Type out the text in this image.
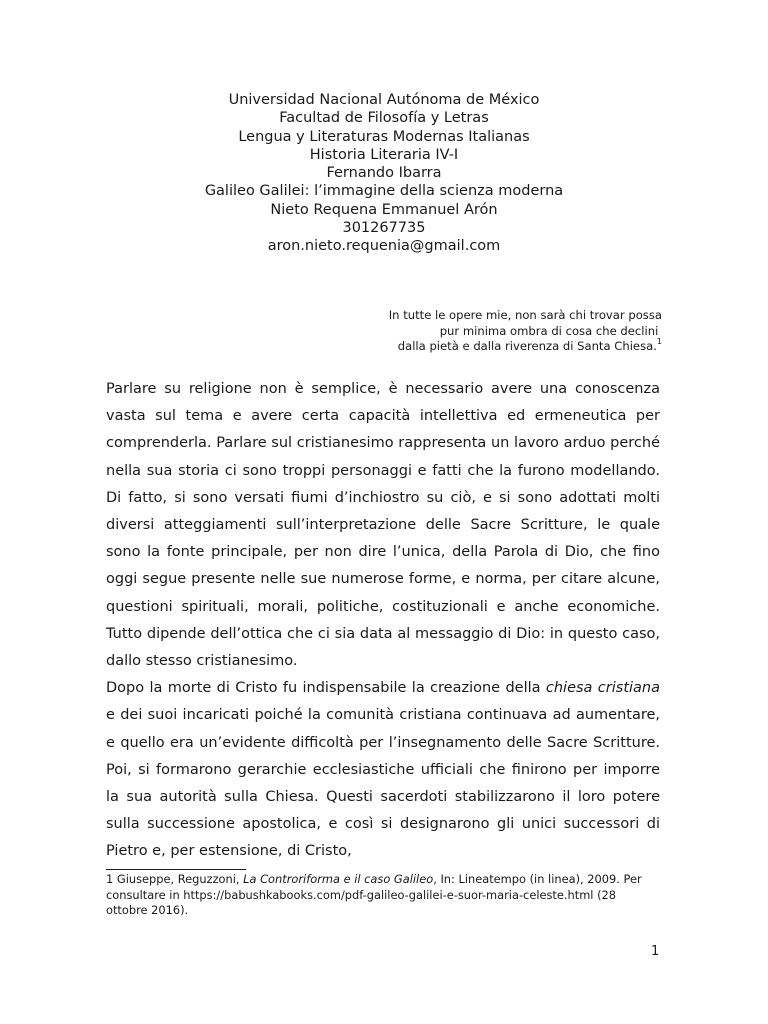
Universidad Nacional Autónoma de México
Facultad de Filosofía y Letras
Lengua y Literaturas Modernas Italianas
Historia Literaria IV-I
Fernando Ibarra
Galileo Galilei: l’immagine della scienza moderna
Nieto Requena Emmanuel Arón
301267735
aron.nieto.requenia@gmail.com
In tutte le opere mie, non sarà chi trovar possa
pur minima ombra di cosa che declini
dalla pietà e dalla riverenza di Santa Chiesa.$^1$

Parlare su religione non è semplice, è necessario avere una conoscenza vasta sul tema e avere certa capacità intellettiva ed ermeneutica per comprenderla. Parlare sul cristianesimo rappresenta un lavoro arduo perché nella sua storia ci sono troppi personaggi e fatti che la furono modellando. Di fatto, si sono versati fiumi d’inchiostro su ciò, e si sono adottati molti diversi atteggiamenti sull’interpretazione delle Sacre Scritture, le quale sono la fonte principale, per non dire l’unica, della Parola di Dio, che fino oggi segue presente nelle sue numerose forme, e norma, per citare alcune, questioni spirituali, morali, politiche, costituzionali e anche economiche. Tutto dipende dell’ottica che ci sia data al messaggio di Dio: in questo caso, dallo stesso cristianesimo.

Dopo la morte di Cristo fu indispensabile la creazione della chiesa cristiana e dei suoi incaricati poiché la comunità cristiana continuava ad aumentare, e quello era un’evidente difficoltà per l’insegnamento delle Sacre Scritture. Poi, si formarono gerarchie ecclesiastiche ufficiali che finirono per imporre la sua autorità sulla Chiesa. Questi sacerdoti stabilizzarono il loro potere sulla successione apostolica, e così si designarono gli unici successori di Pietro e, per estensione, di Cristo,

1 Giuseppe, Reguzzoni, La Controriforma e il caso Galileo, In: Lineatempo (in linea), 2009. Per consultare in https://babushkabooks.com/pdf-galileo-galilei-e-suor-maria-celeste.html (28 ottobre 2016).
1
